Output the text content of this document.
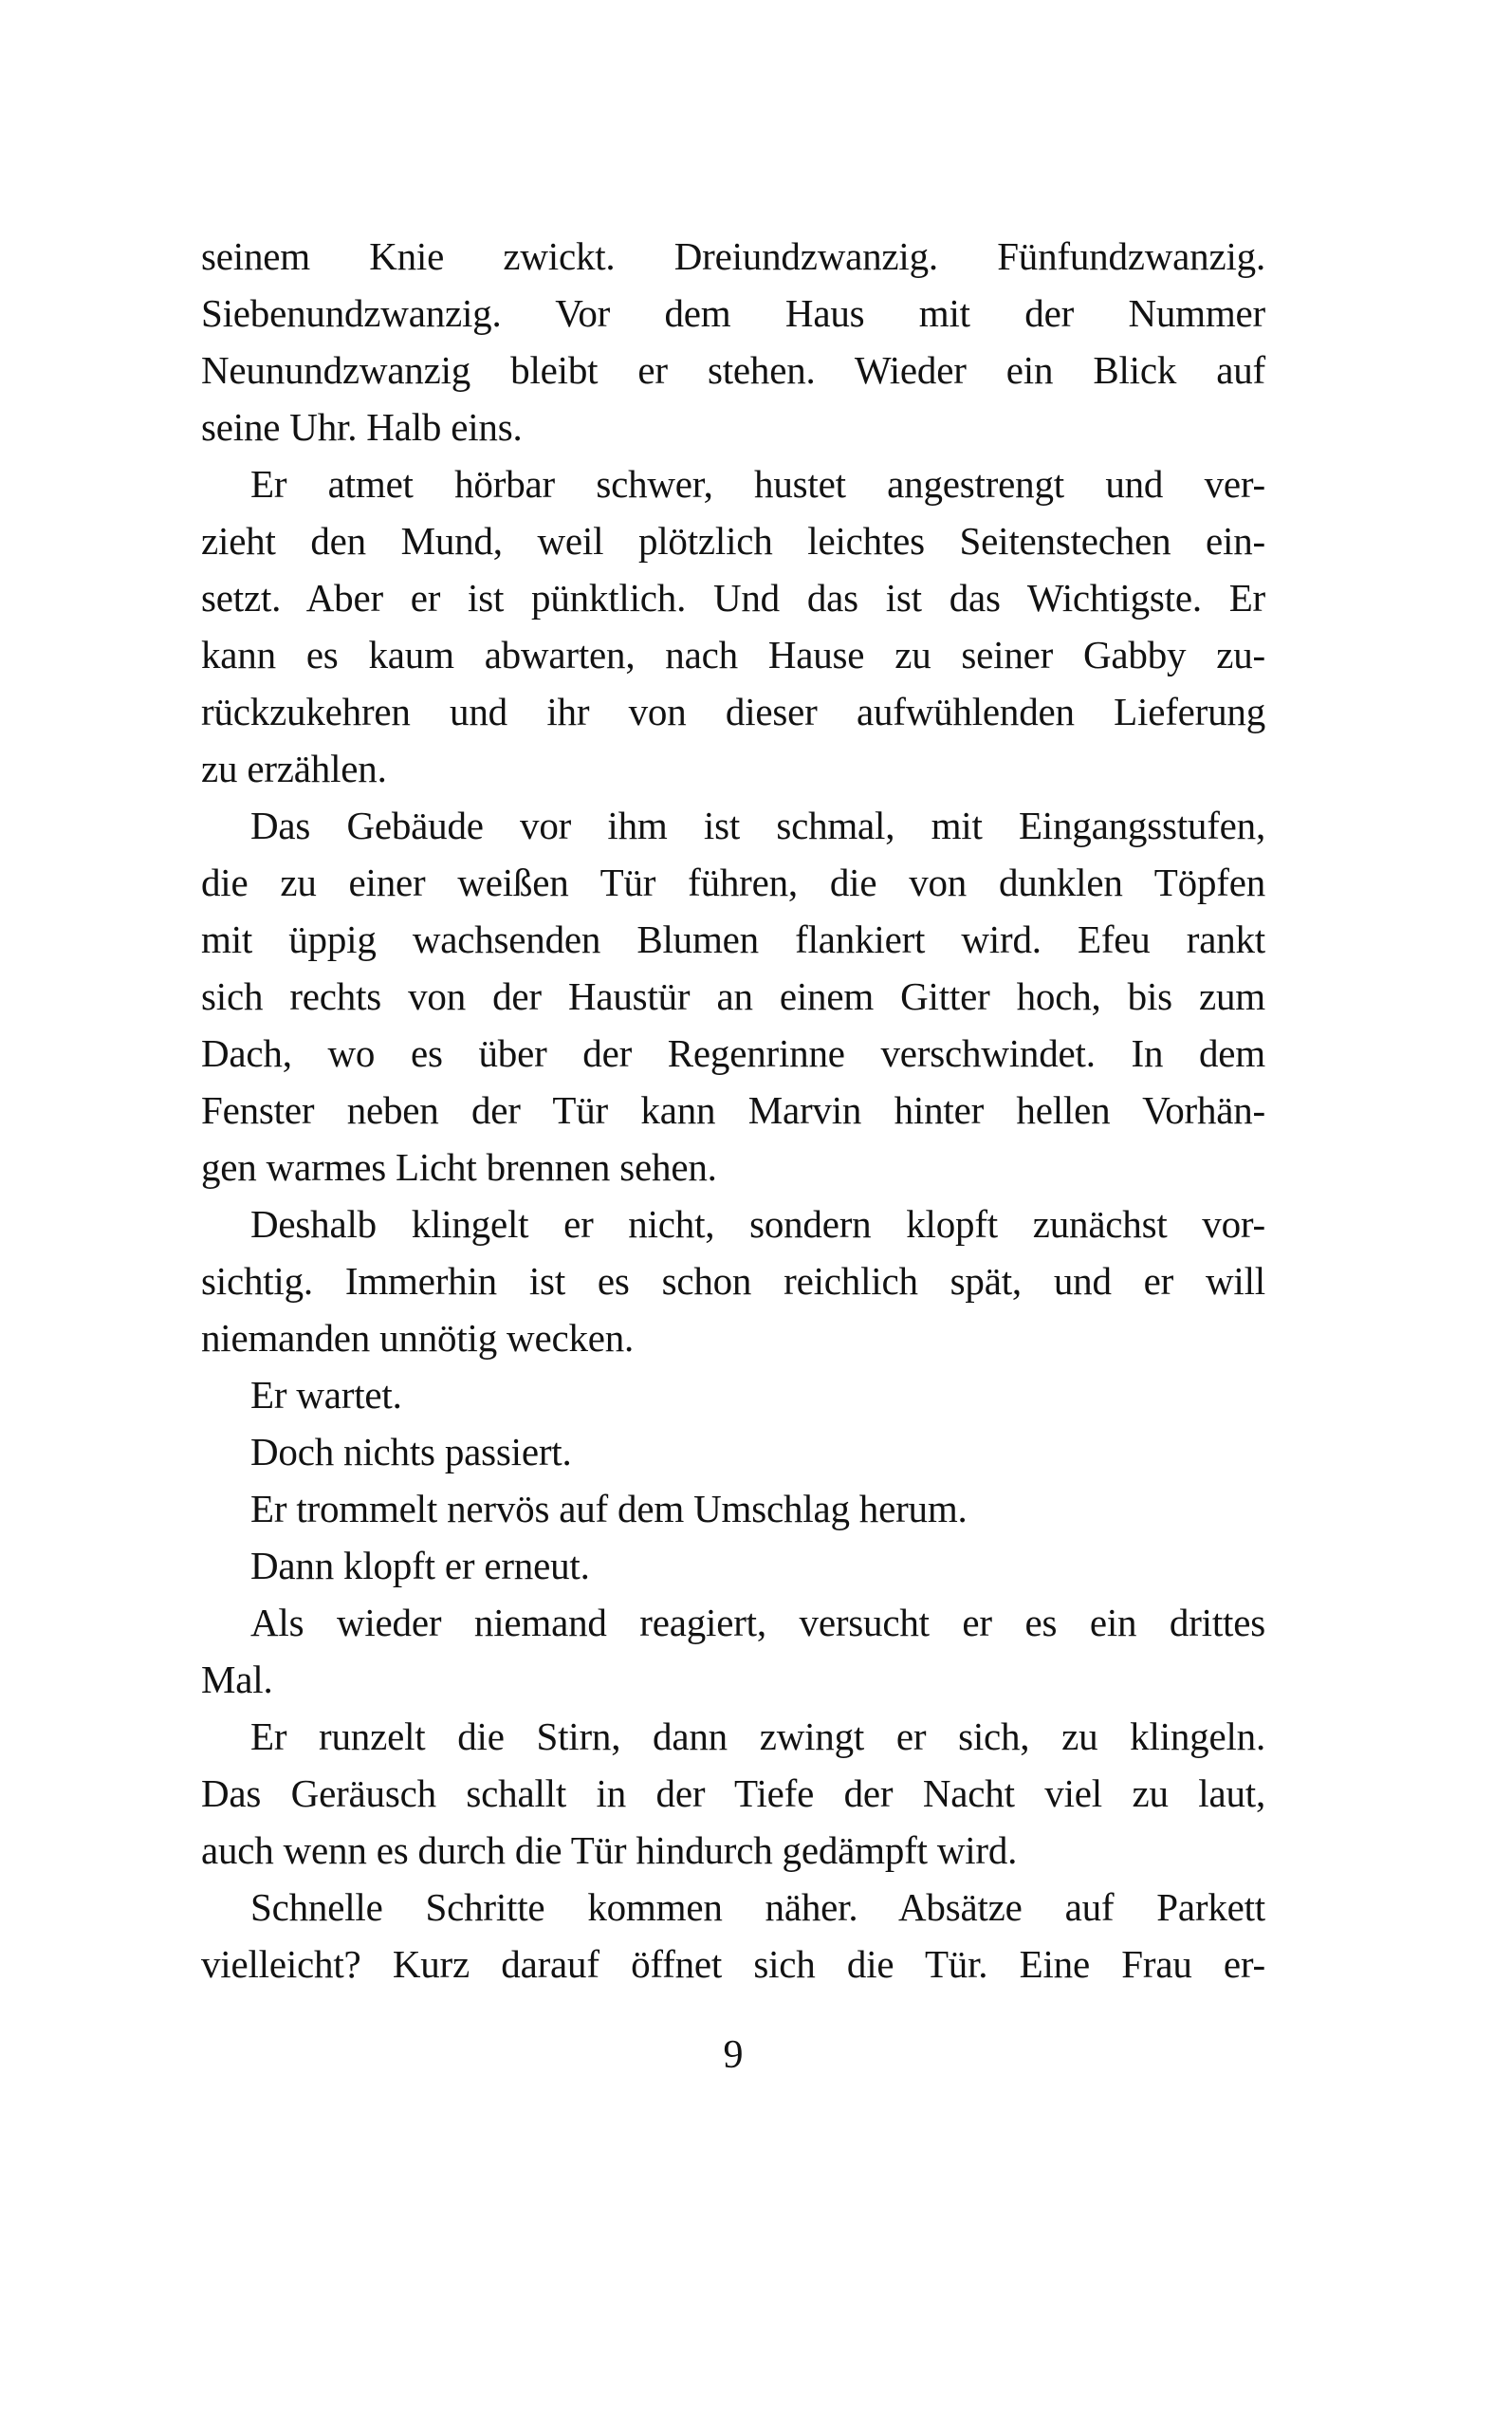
seinem Knie zwickt. Dreiundzwanzig. Fünfundzwanzig.
Siebenundzwanzig. Vor dem Haus mit der Nummer
Neunundzwanzig bleibt er stehen. Wieder ein Blick auf
seine Uhr. Halb eins.
Er atmet hörbar schwer, hustet angestrengt und ver-
zieht den Mund, weil plötzlich leichtes Seitenstechen ein-
setzt. Aber er ist pünktlich. Und das ist das Wichtigste. Er
kann es kaum abwarten, nach Hause zu seiner Gabby zu-
rückzukehren und ihr von dieser aufwühlenden Lieferung
zu erzählen.
Das Gebäude vor ihm ist schmal, mit Eingangsstufen,
die zu einer weißen Tür führen, die von dunklen Töpfen
mit üppig wachsenden Blumen flankiert wird. Efeu rankt
sich rechts von der Haustür an einem Gitter hoch, bis zum
Dach, wo es über der Regenrinne verschwindet. In dem
Fenster neben der Tür kann Marvin hinter hellen Vorhän-
gen warmes Licht brennen sehen.
Deshalb klingelt er nicht, sondern klopft zunächst vor-
sichtig. Immerhin ist es schon reichlich spät, und er will
niemanden unnötig wecken.
Er wartet.
Doch nichts passiert.
Er trommelt nervös auf dem Umschlag herum.
Dann klopft er erneut.
Als wieder niemand reagiert, versucht er es ein drittes
Mal.
Er runzelt die Stirn, dann zwingt er sich, zu klingeln.
Das Geräusch schallt in der Tiefe der Nacht viel zu laut,
auch wenn es durch die Tür hindurch gedämpft wird.
Schnelle Schritte kommen näher. Absätze auf Parkett
vielleicht? Kurz darauf öffnet sich die Tür. Eine Frau er-
9
